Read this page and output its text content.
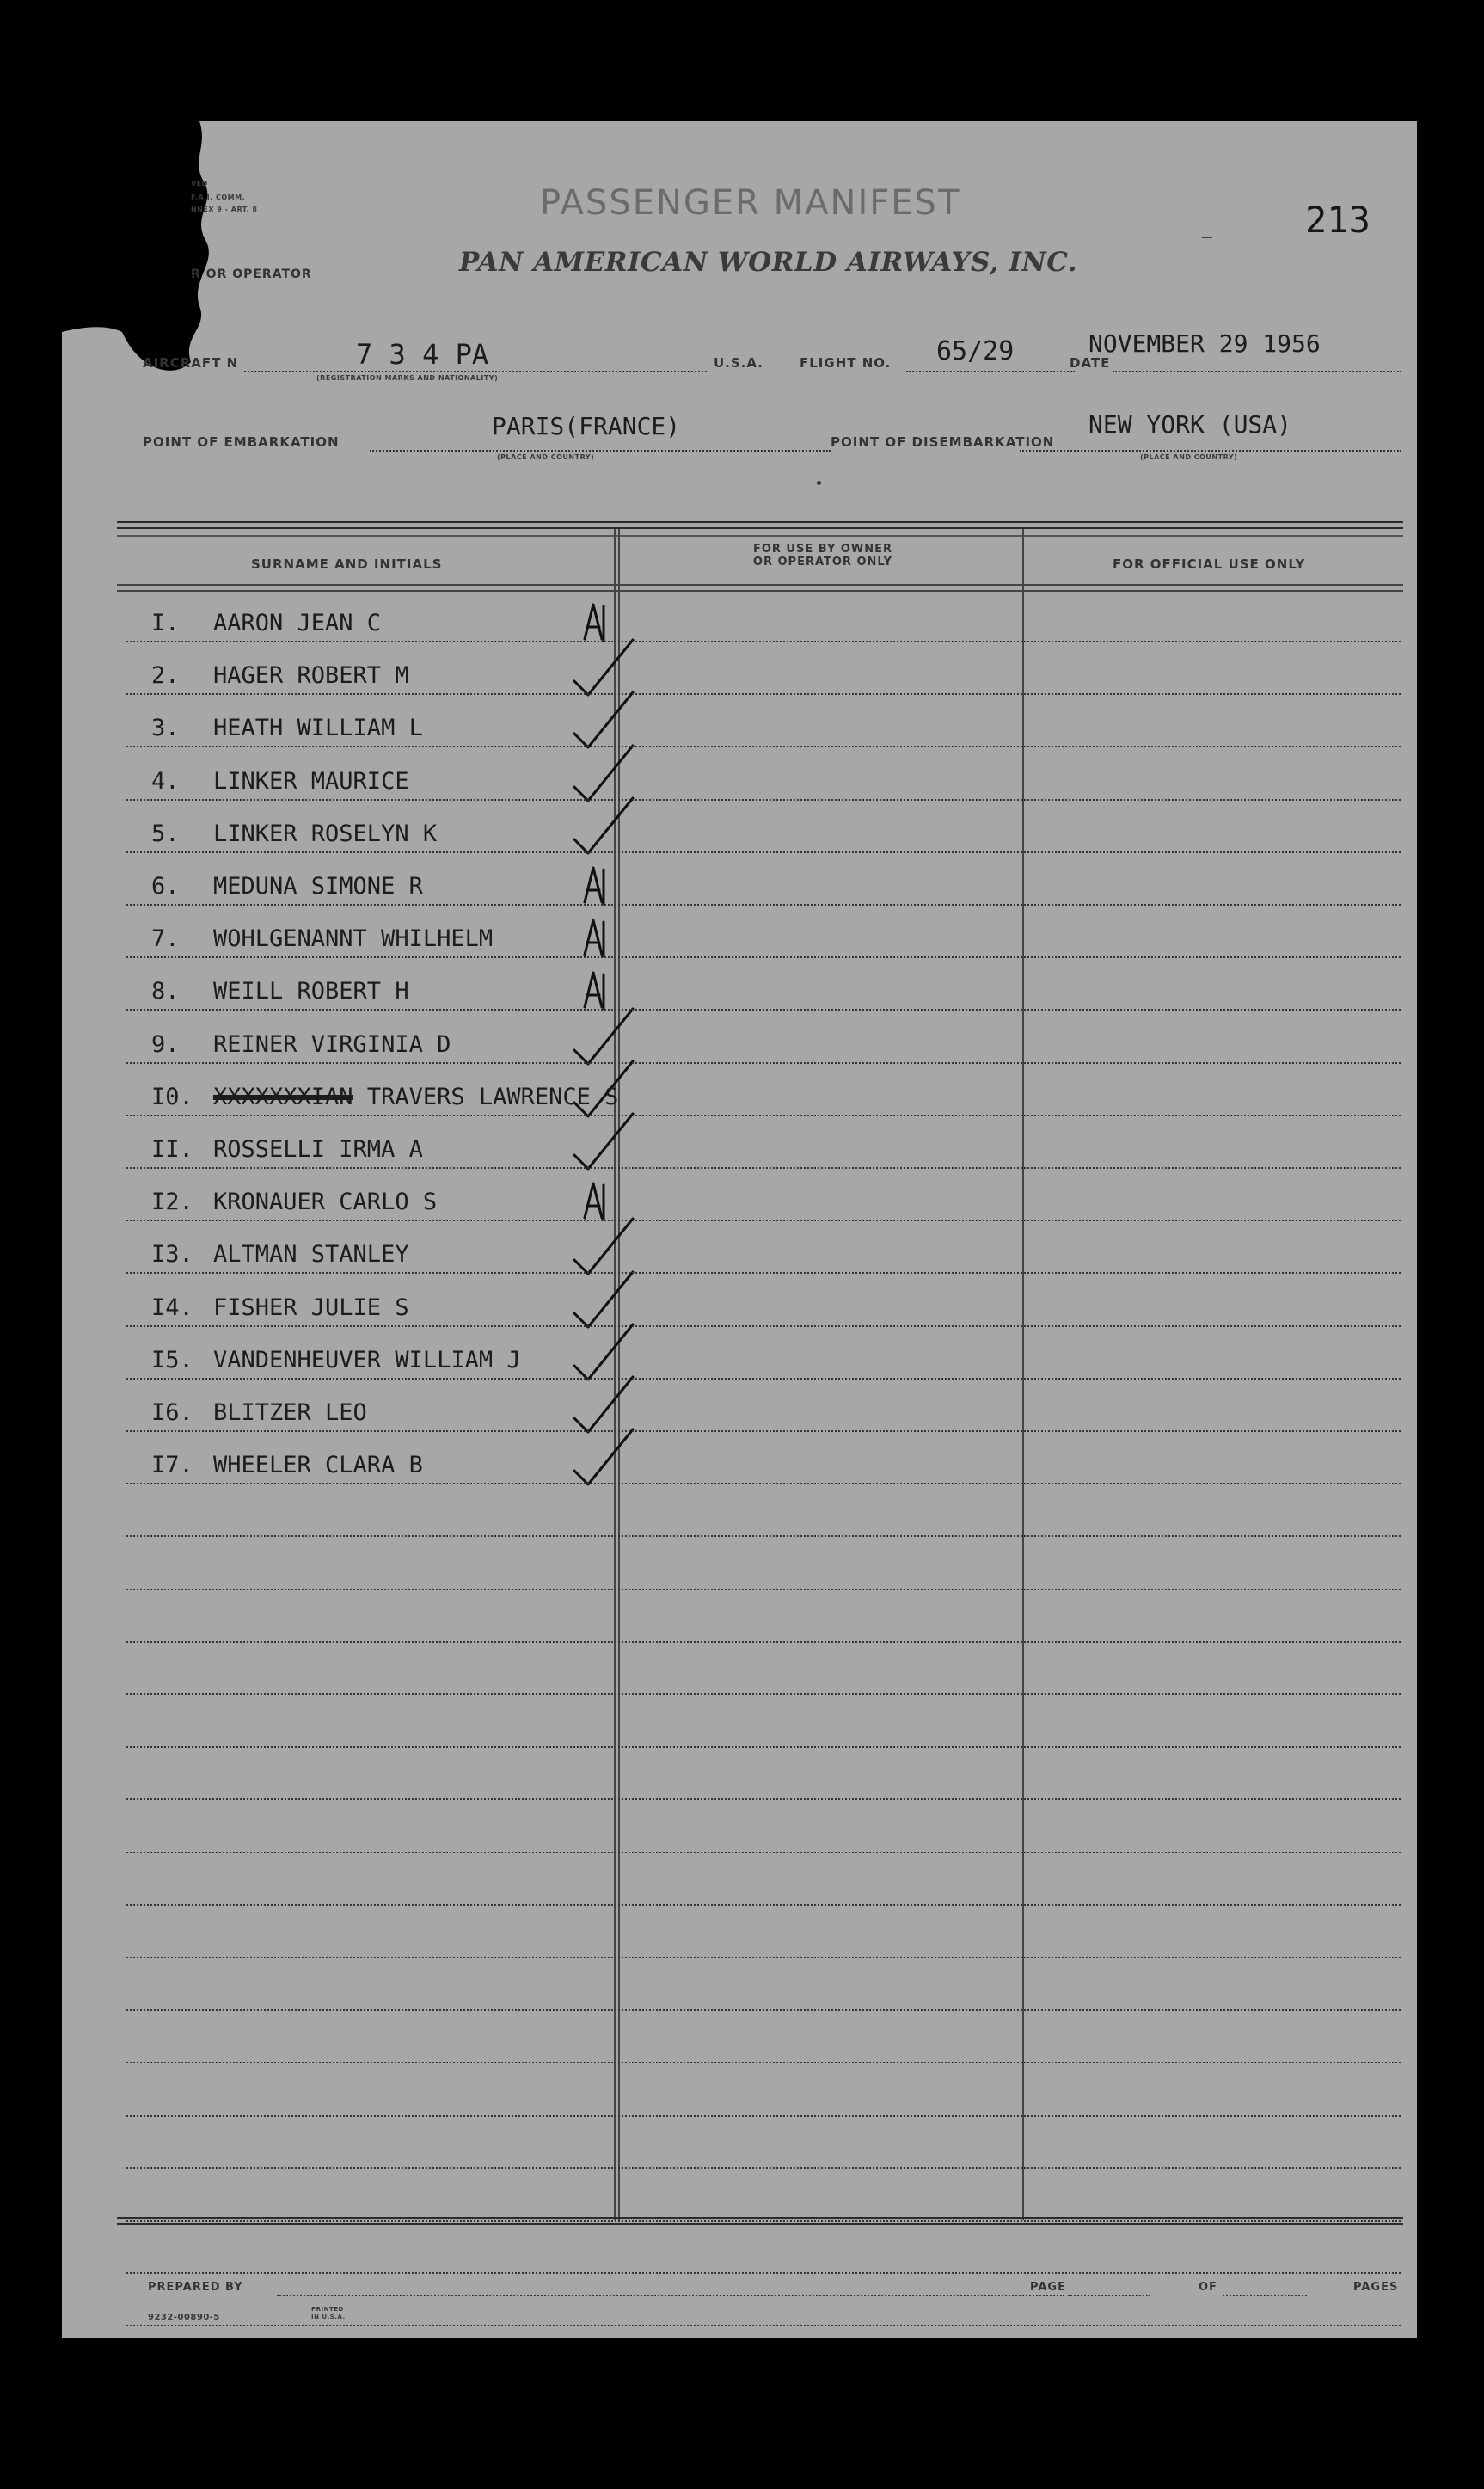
VED
F.A.I. COMM.
NNEX 9 - ART. 8
R OR OPERATOR
PASSENGER MANIFEST
PAN AMERICAN WORLD AIRWAYS, INC.
213
AIRCRAFT N	7 3 4 PA
(REGISTRATION MARKS AND NATIONALITY)
U.S.A.	FLIGHT NO. 65/29	DATE
NOVEMBER 29 1956
POINT OF EMBARKATION
PARIS(FRANCE)
(PLACE AND COUNTRY)
POINT OF DISEMBARKATION
NEW YORK (USA)
(PLACE AND COUNTRY)
SURNAME AND INITIALS
FOR USE BY OWNER
OR OPERATOR ONLY	FOR OFFICIAL USE ONLY
PREPARED BY
9232-00890-5
PRINTED IN U.S.A.
PAGE	OF	PAGES
I. AARON JEAN C
2. HAGER ROBERT M
3. HEATH WILLIAM L
4. LINKER MAURICE
5. LINKER ROSELYN K
6. MEDUNA SIMONE R
7. WOHLGENANNT WHILHELM
8. WEILL ROBERT H
9. REINER VIRGINIA D
I0. XXXXXXXIAN TRAVERS LAWRENCE S
II. ROSSELLI IRMA A
I2. KRONAUER CARLO S
I3. ALTMAN STANLEY
I4. FISHER JULIE S
I5. VANDENHEUVER WILLIAM J
I6. BLITZER LEO
I7. WHEELER CLARA B
